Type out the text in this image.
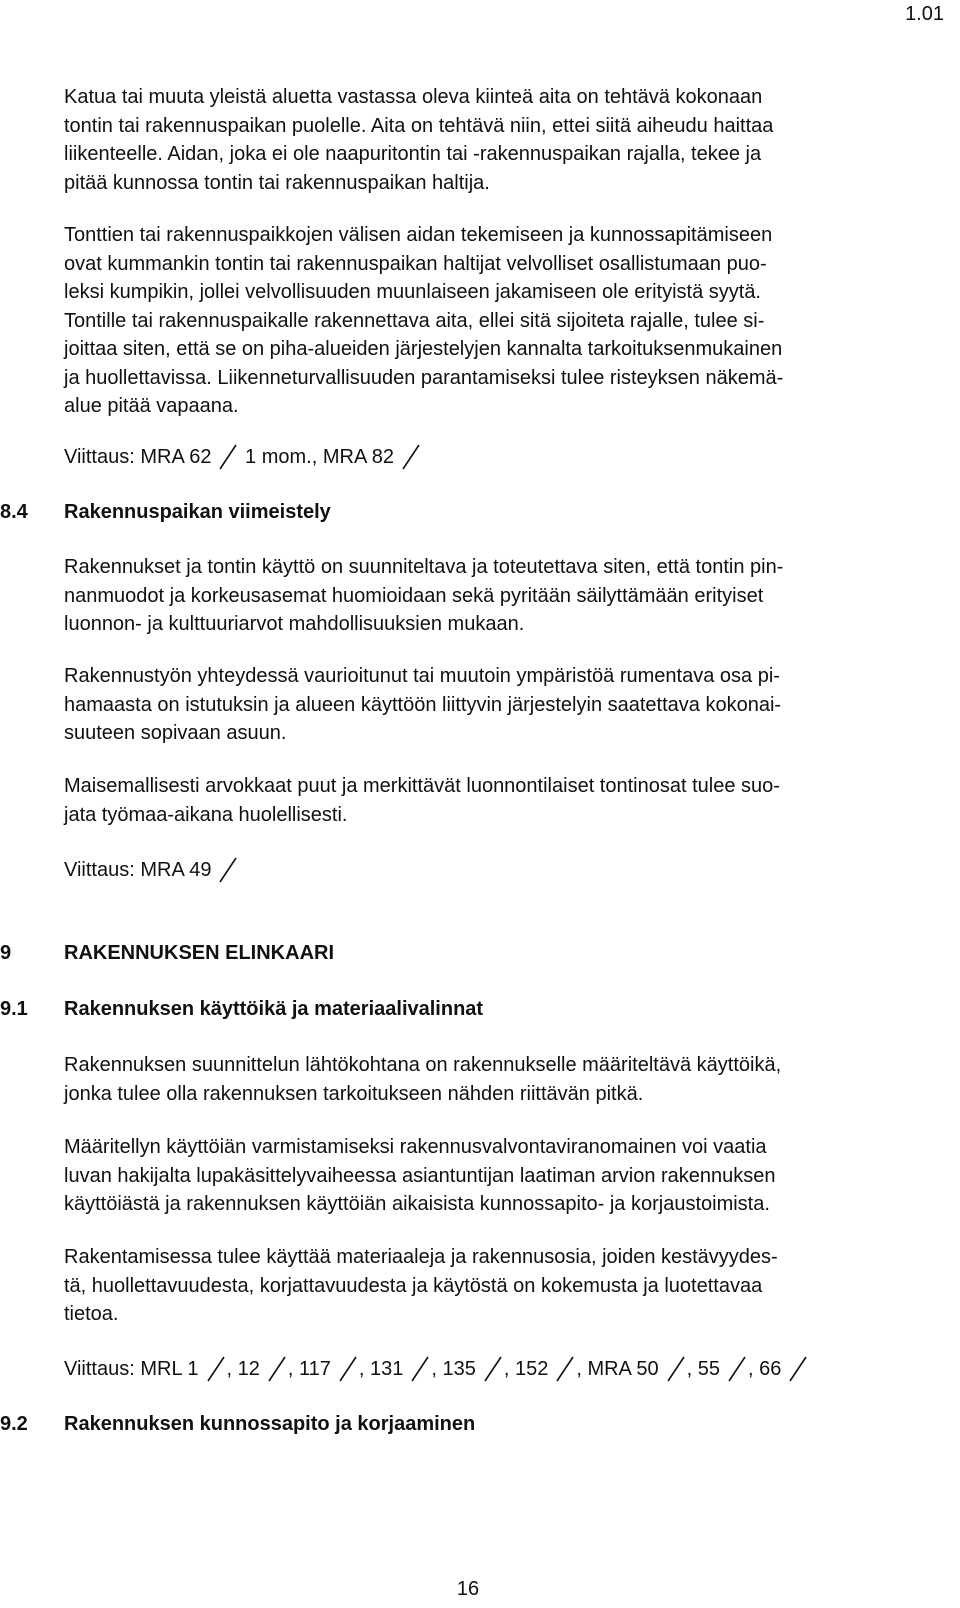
1.01

Katua tai muuta yleistä aluetta vastassa oleva kiinteä aita on tehtävä kokonaan
tontin tai rakennuspaikan puolelle. Aita on tehtävä niin, ettei siitä aiheudu haittaa
liikenteelle. Aidan, joka ei ole naapuritontin tai -rakennuspaikan rajalla, tekee ja
pitää kunnossa tontin tai rakennuspaikan haltija.

Tonttien tai rakennuspaikkojen välisen aidan tekemiseen ja kunnossapitämiseen
ovat kummankin tontin tai rakennuspaikan haltijat velvolliset osallistumaan puo-
leksi kumpikin, jollei velvollisuuden muunlaiseen jakamiseen ole erityistä syytä.
Tontille tai rakennuspaikalle rakennettava aita, ellei sitä sijoiteta rajalle, tulee si-
joittaa siten, että se on piha-alueiden järjestelyjen kannalta tarkoituksenmukainen
ja huollettavissa. Liikenneturvallisuuden parantamiseksi tulee risteyksen näkemä-
alue pitää vapaana.

Viittaus: MRA 62 1 mom., MRA 82
8.4 Rakennuspaikan viimeistely

Rakennukset ja tontin käyttö on suunniteltava ja toteutettava siten, että tontin pin-
nanmuodot ja korkeusasemat huomioidaan sekä pyritään säilyttämään erityiset
luonnon- ja kulttuuriarvot mahdollisuuksien mukaan.

Rakennustyön yhteydessä vaurioitunut tai muutoin ympäristöä rumentava osa pi-
hamaasta on istutuksin ja alueen käyttöön liittyvin järjestelyin saatettava kokonai-
suuteen sopivaan asuun.

Maisemallisesti arvokkaat puut ja merkittävät luonnontilaiset tontinosat tulee suo-
jata työmaa-aikana huolellisesti.

Viittaus: MRA 49
9	RAKENNUKSEN ELINKAARI
9.1 Rakennuksen käyttöikä ja materiaalivalinnat

Rakennuksen suunnittelun lähtökohtana on rakennukselle määriteltävä käyttöikä,
jonka tulee olla rakennuksen tarkoitukseen nähden riittävän pitkä.

Määritellyn käyttöiän varmistamiseksi rakennusvalvontaviranomainen voi vaatia
luvan hakijalta lupakäsittelyvaiheessa asiantuntijan laatiman arvion rakennuksen
käyttöiästä ja rakennuksen käyttöiän aikaisista kunnossapito- ja korjaustoimista.

Rakentamisessa tulee käyttää materiaaleja ja rakennusosia, joiden kestävyydes-
tä, huollettavuudesta, korjattavuudesta ja käytöstä on kokemusta ja luotettavaa
tietoa.

Viittaus: MRL 1 , 12 , 117 , 131 , 135 , 152 , MRA 50 , 55 , 66
9.2 Rakennuksen kunnossapito ja korjaaminen
16
